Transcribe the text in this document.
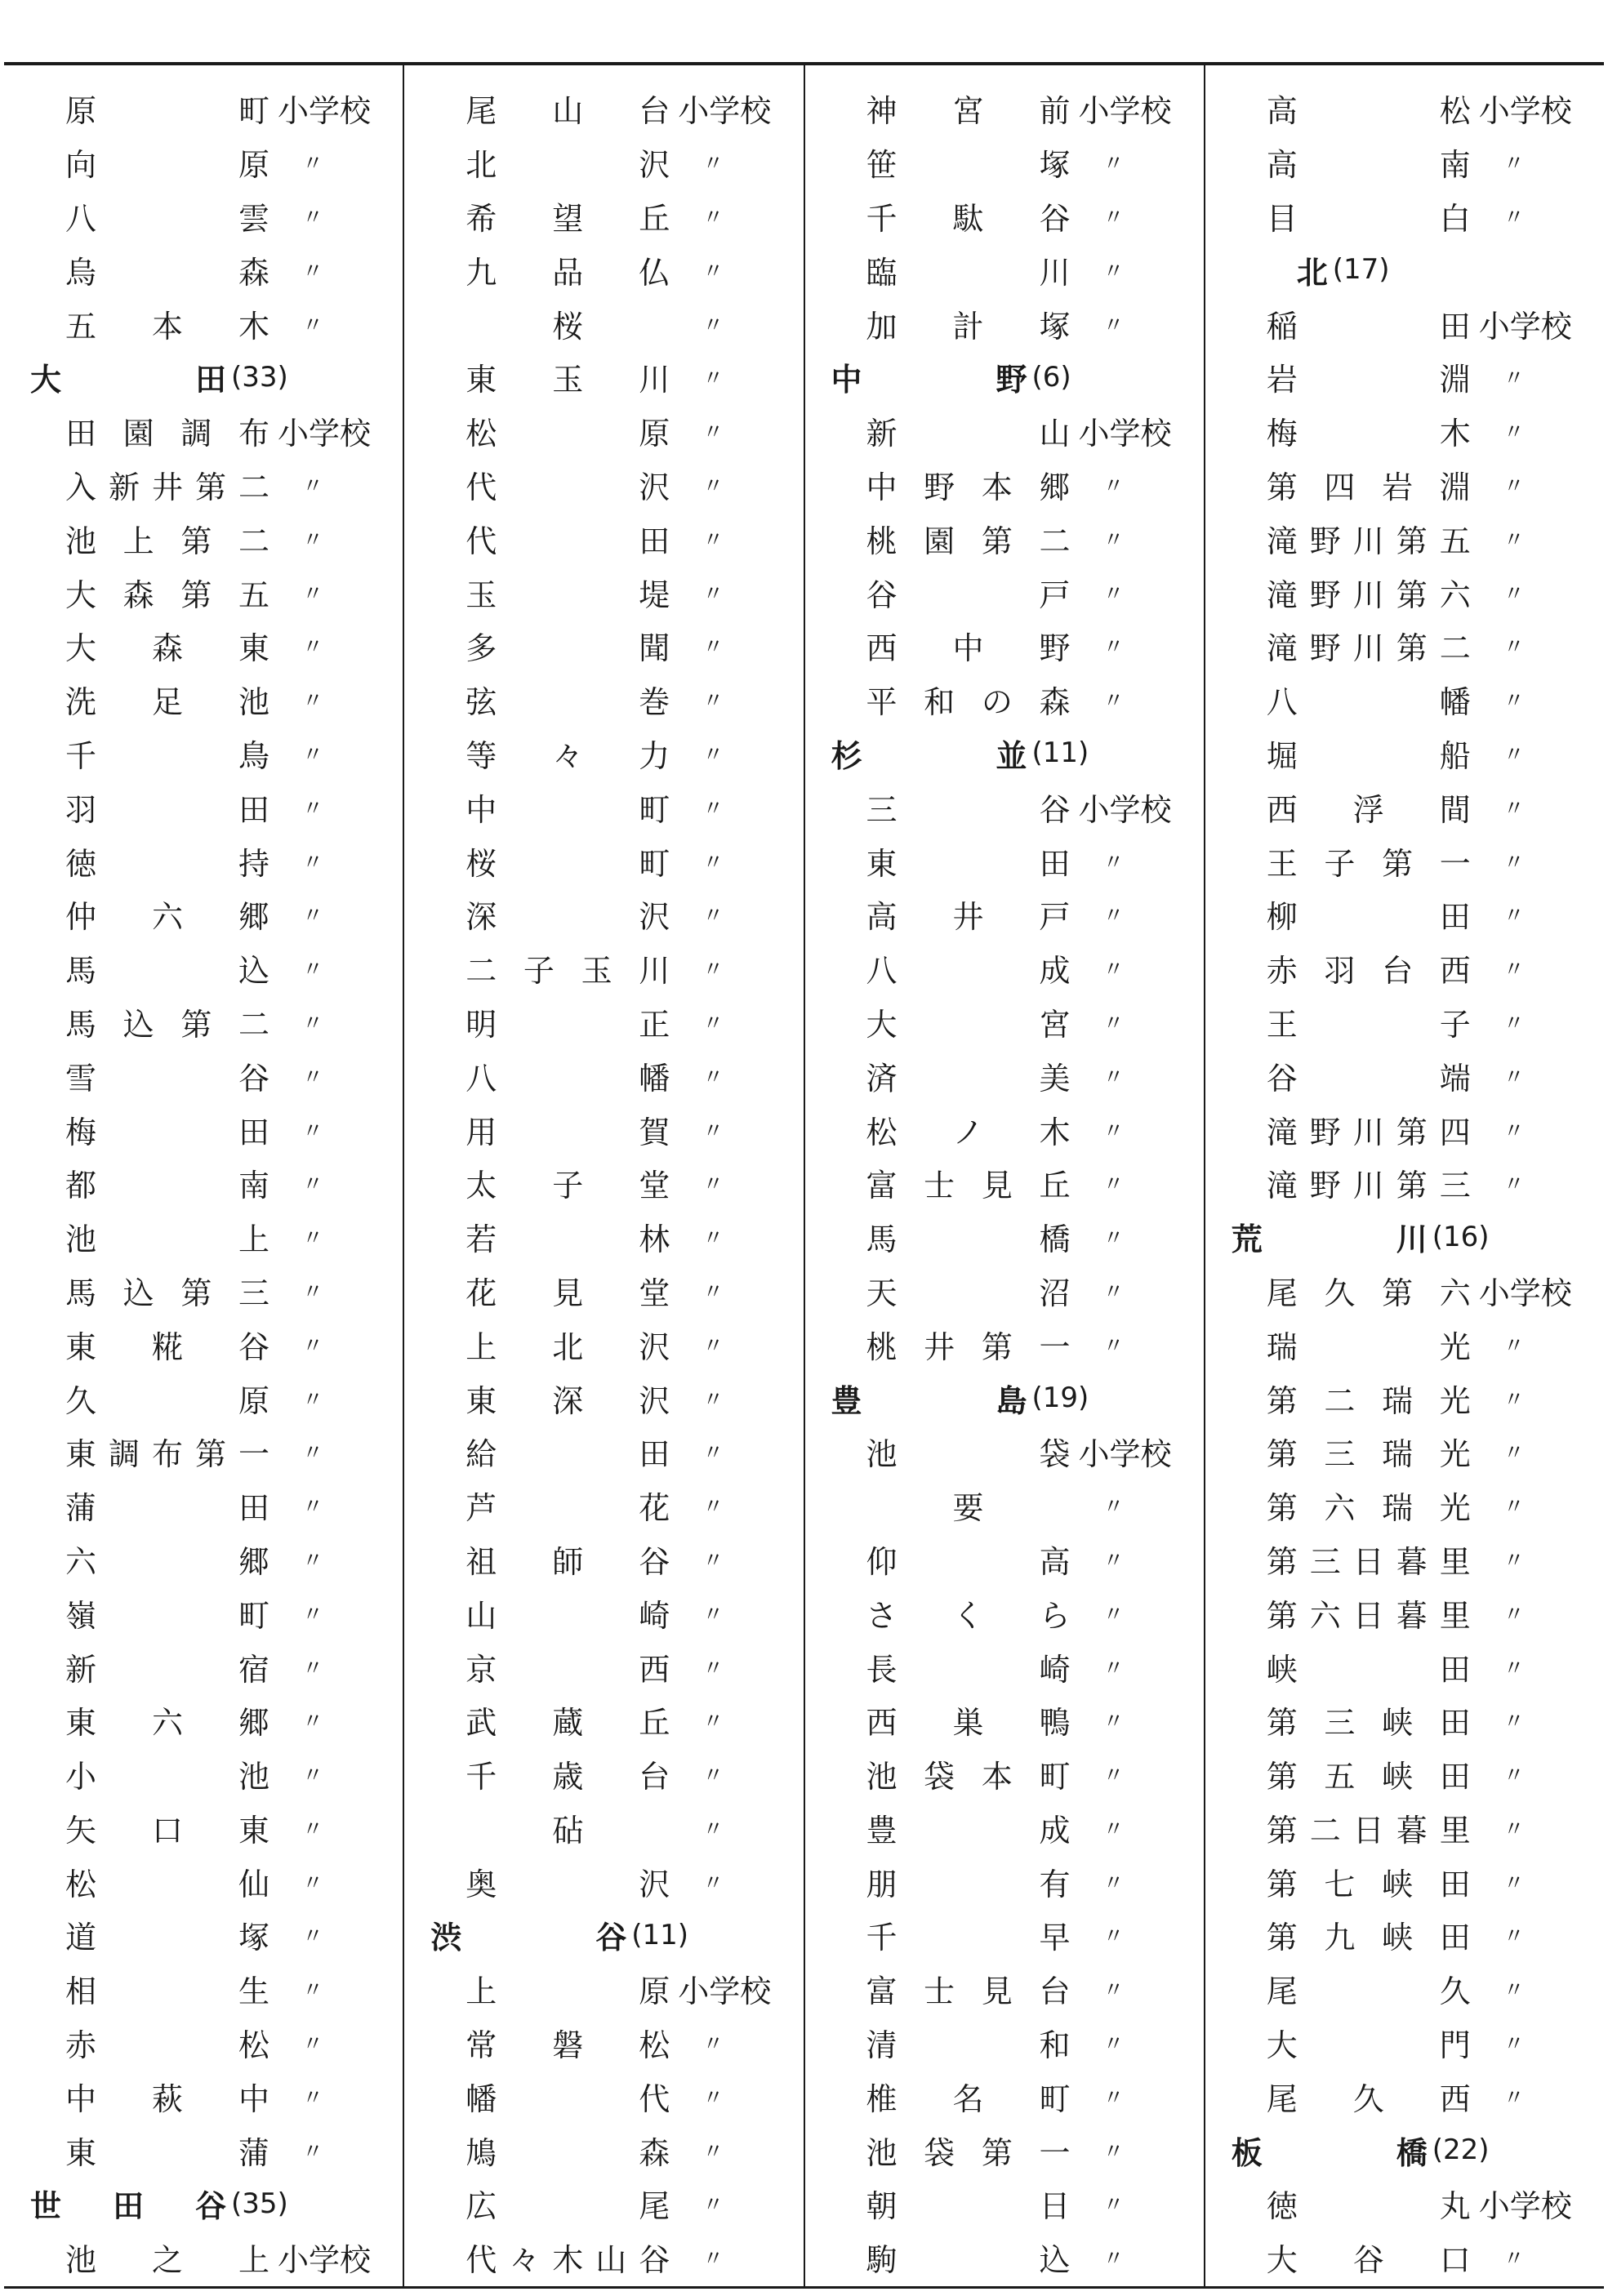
原	町 小学校
向	原 〃
八	雲 〃
烏	森 〃
五 本 木 〃
大	田 (33)
田 園 調 布 小学校
入 新 井 第 二 〃
池 上 第 二 〃
大 森 第 五 〃
大 森 東 〃
洗 足 池 〃
千	鳥 〃
羽	田 〃
徳	持 〃
仲 六 郷 〃
馬	込 〃
馬 込 第 二 〃
雪	谷 〃
梅	田 〃
都	南 〃
池	上 〃
馬 込 第 三 〃
東 糀 谷 〃
久	原 〃
東 調 布 第 一 〃
蒲	田 〃
六	郷 〃
嶺	町 〃
新	宿 〃
東 六 郷 〃
小	池 〃
矢 口 東 〃
松	仙 〃
道	塚 〃
相	生 〃
赤	松 〃
中 萩 中 〃
東	蒲 〃
世 田 谷 (35)
池 之 上 小学校
尾 山 台 小学校
北	沢 〃
希 望 丘 〃
九 品 仏 〃
桜	〃
東 玉 川 〃
松	原 〃
代	沢 〃
代	田 〃
玉	堤 〃
多	聞 〃
弦	巻 〃
等 々 力 〃
中	町 〃
桜	町 〃
深	沢 〃
二 子 玉 川 〃
明	正 〃
八	幡 〃
用	賀 〃
太 子 堂 〃
若	林 〃
花 見 堂 〃
上 北 沢 〃
東 深 沢 〃
給	田 〃
芦	花 〃
祖 師 谷 〃
山	崎 〃
京	西 〃
武 蔵 丘 〃
千 歳 台 〃
砧	〃
奥	沢 〃
渋	谷 (11)
上	原 小学校
常 磐 松 〃
幡	代 〃
鳩	森 〃
広	尾 〃
代 々 木 山 谷 〃
神 宮 前 小学校
笹	塚 〃
千 駄 谷 〃
臨	川 〃
加 計 塚 〃
中	野 (6)
新	山 小学校
中 野 本 郷 〃
桃 園 第 二 〃
谷	戸 〃
西 中 野 〃
平 和 の 森 〃
杉	並 (11)
三	谷 小学校
東	田 〃
高 井 戸 〃
八	成 〃
大	宮 〃
済	美 〃
松 ノ 木 〃
富 士 見 丘 〃
馬	橋 〃
天	沼 〃
桃 井 第 一 〃
豊	島 (19)
池	袋 小学校
要	〃
仰	高 〃
さ く ら 〃
長	崎 〃
西 巣 鴨 〃
池 袋 本 町 〃
豊	成 〃
朋	有 〃
千	早 〃
富 士 見 台 〃
清	和 〃
椎 名 町 〃
池 袋 第 一 〃
朝	日 〃
駒	込 〃
高	松 小学校
高	南 〃
目	白 〃
北 (17)
稲	田 小学校
岩	淵 〃
梅	木 〃
第 四 岩 淵 〃
滝 野 川 第 五 〃
滝 野 川 第 六 〃
滝 野 川 第 二 〃
八	幡 〃
堀	船 〃
西 浮 間 〃
王 子 第 一 〃
柳	田 〃
赤 羽 台 西 〃
王	子 〃
谷	端 〃
滝 野 川 第 四 〃
滝 野 川 第 三 〃
荒	川 (16)
尾 久 第 六 小学校
瑞	光 〃
第 二 瑞 光 〃
第 三 瑞 光 〃
第 六 瑞 光 〃
第 三 日 暮 里 〃
第 六 日 暮 里 〃
峡	田 〃
第 三 峡 田 〃
第 五 峡 田 〃
第 二 日 暮 里 〃
第 七 峡 田 〃
第 九 峡 田 〃
尾	久 〃
大	門 〃
尾 久 西 〃
板	橋 (22)
徳	丸 小学校
大 谷 口 〃
